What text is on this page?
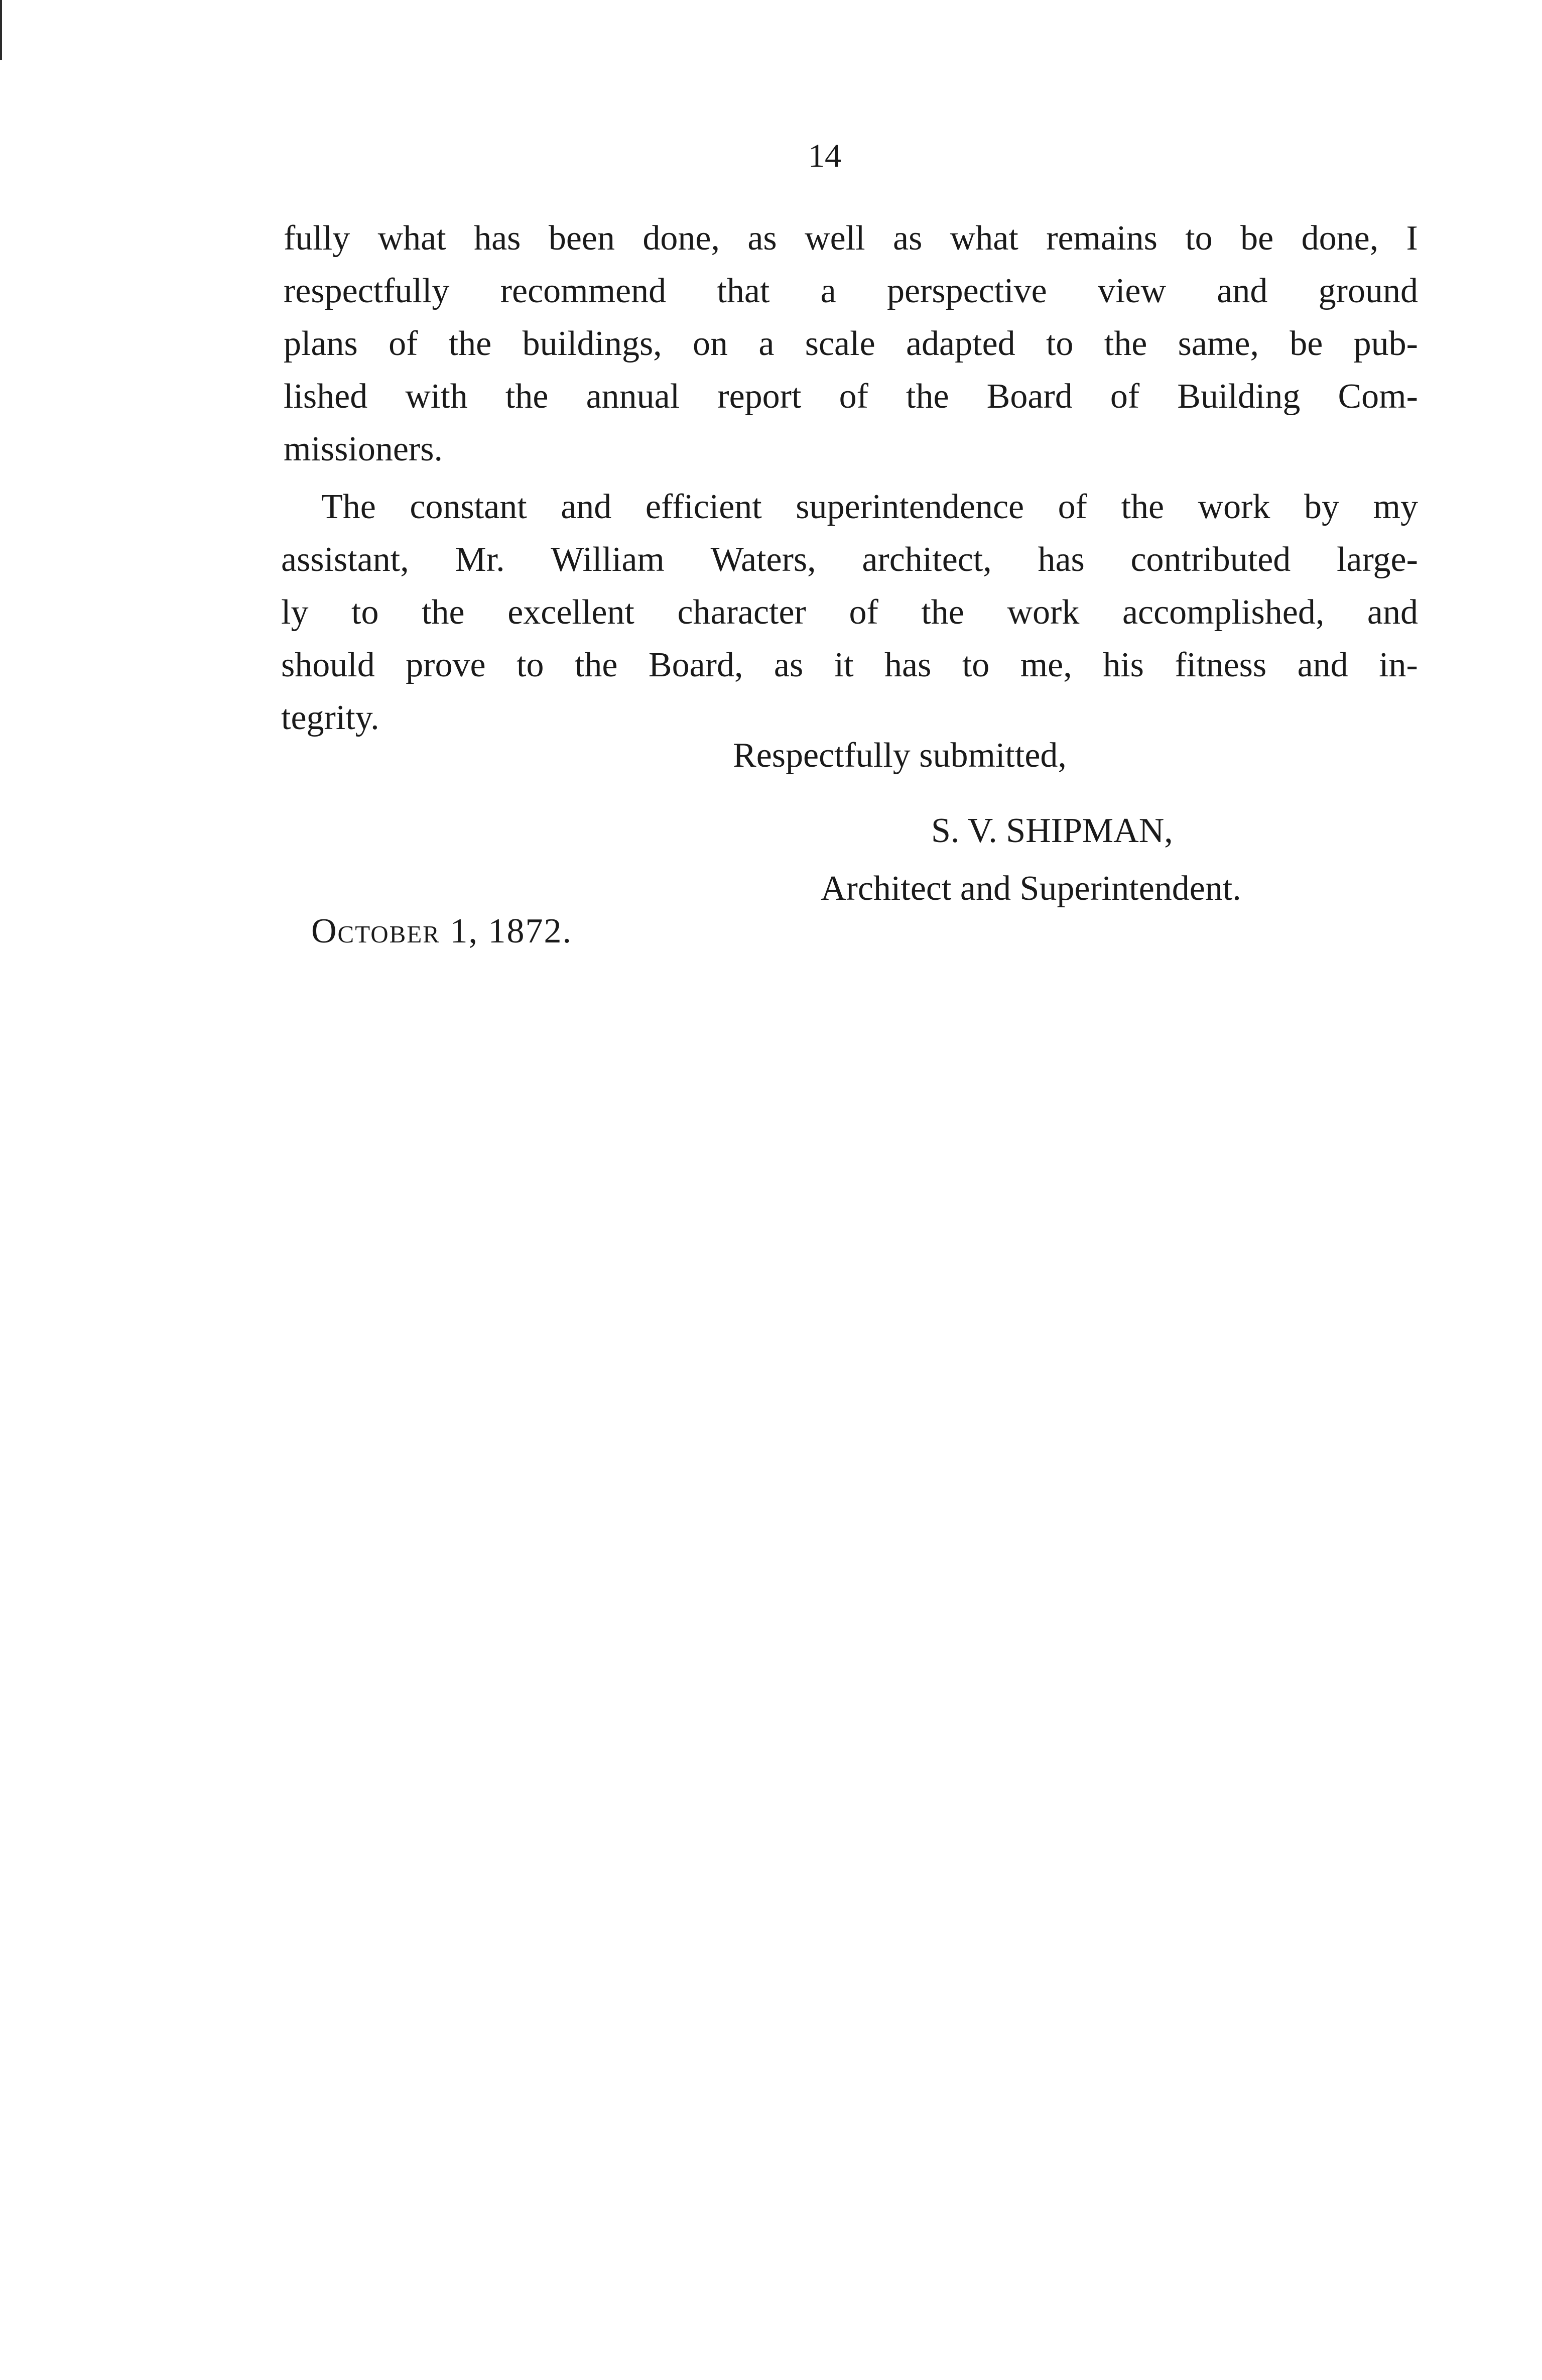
14
fully what has been done, as well as what remains to be done, I
respectfully recommend that a perspective view and ground
plans of the buildings, on a scale adapted to the same, be pub-
lished with the annual report of the Board of Building Com-
missioners.
The constant and efficient superintendence of the work by my
assistant, Mr. William Waters, architect, has contributed large-
ly to the excellent character of the work accomplished, and
should prove to the Board, as it has to me, his fitness and in-
tegrity.
Respectfully submitted,
S. V. SHIPMAN,
Architect and Superintendent.
October 1, 1872.
